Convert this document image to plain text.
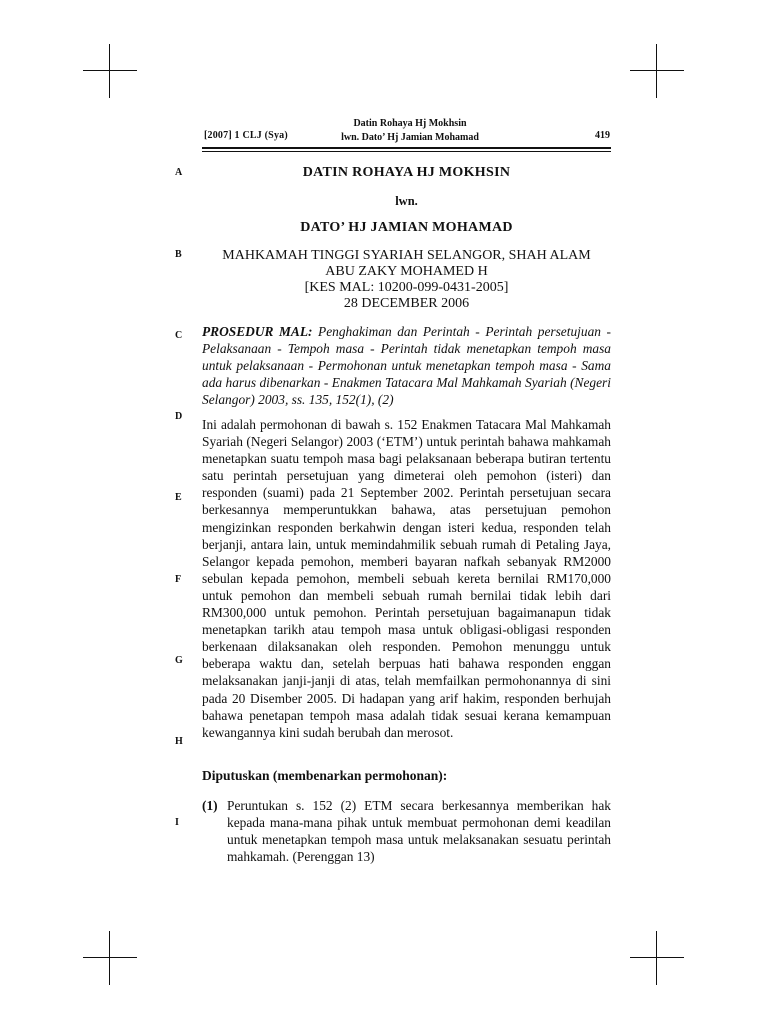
[2007] 1 CLJ (Sya)
Datin Rohaya Hj Mokhsin
lwn. Dato’ Hj Jamian Mohamad	419
A
B
C
D
E
F
G
H
I
DATIN ROHAYA HJ MOKHSIN
lwn.
DATO’ HJ JAMIAN MOHAMAD
MAHKAMAH TINGGI SYARIAH SELANGOR, SHAH ALAM
ABU ZAKY MOHAMED H
[KES MAL: 10200-099-0431-2005]
28 DECEMBER 2006
PROSEDUR MAL: Penghakiman dan Perintah - Perintah persetujuan - Pelaksanaan - Tempoh masa - Perintah tidak menetapkan tempoh masa untuk pelaksanaan - Permohonan untuk menetapkan tempoh masa - Sama ada harus dibenarkan - Enakmen Tatacara Mal Mahkamah Syariah (Negeri Selangor) 2003, ss. 135, 152(1), (2)
Ini adalah permohonan di bawah s. 152 Enakmen Tatacara Mal Mahkamah Syariah (Negeri Selangor) 2003 (‘ETM’) untuk perintah bahawa mahkamah menetapkan suatu tempoh masa bagi pelaksanaan beberapa butiran tertentu satu perintah persetujuan yang dimeterai oleh pemohon (isteri) dan responden (suami) pada 21 September 2002. Perintah persetujuan secara berkesannya memperuntukkan bahawa, atas persetujuan pemohon mengizinkan responden berkahwin dengan isteri kedua, responden telah berjanji, antara lain, untuk memindahmilik sebuah rumah di Petaling Jaya, Selangor kepada pemohon, memberi bayaran nafkah sebanyak RM2000 sebulan kepada pemohon, membeli sebuah kereta bernilai RM170,000 untuk pemohon dan membeli sebuah rumah bernilai tidak lebih dari RM300,000 untuk pemohon. Perintah persetujuan bagaimanapun tidak menetapkan tarikh atau tempoh masa untuk obligasi-obligasi responden berkenaan dilaksanakan oleh responden. Pemohon menunggu untuk beberapa waktu dan, setelah berpuas hati bahawa responden enggan melaksanakan janji-janji di atas, telah memfailkan permohonannya di sini pada 20 Disember 2005. Di hadapan yang arif hakim, responden berhujah bahawa penetapan tempoh masa adalah tidak sesuai kerana kemampuan kewangannya kini sudah berubah dan merosot.
Diputuskan (membenarkan permohonan):
(1) Peruntukan s. 152 (2) ETM secara berkesannya memberikan hak kepada mana-mana pihak untuk membuat permohonan demi keadilan untuk menetapkan tempoh masa untuk melaksanakan sesuatu perintah mahkamah. (Perenggan 13)
